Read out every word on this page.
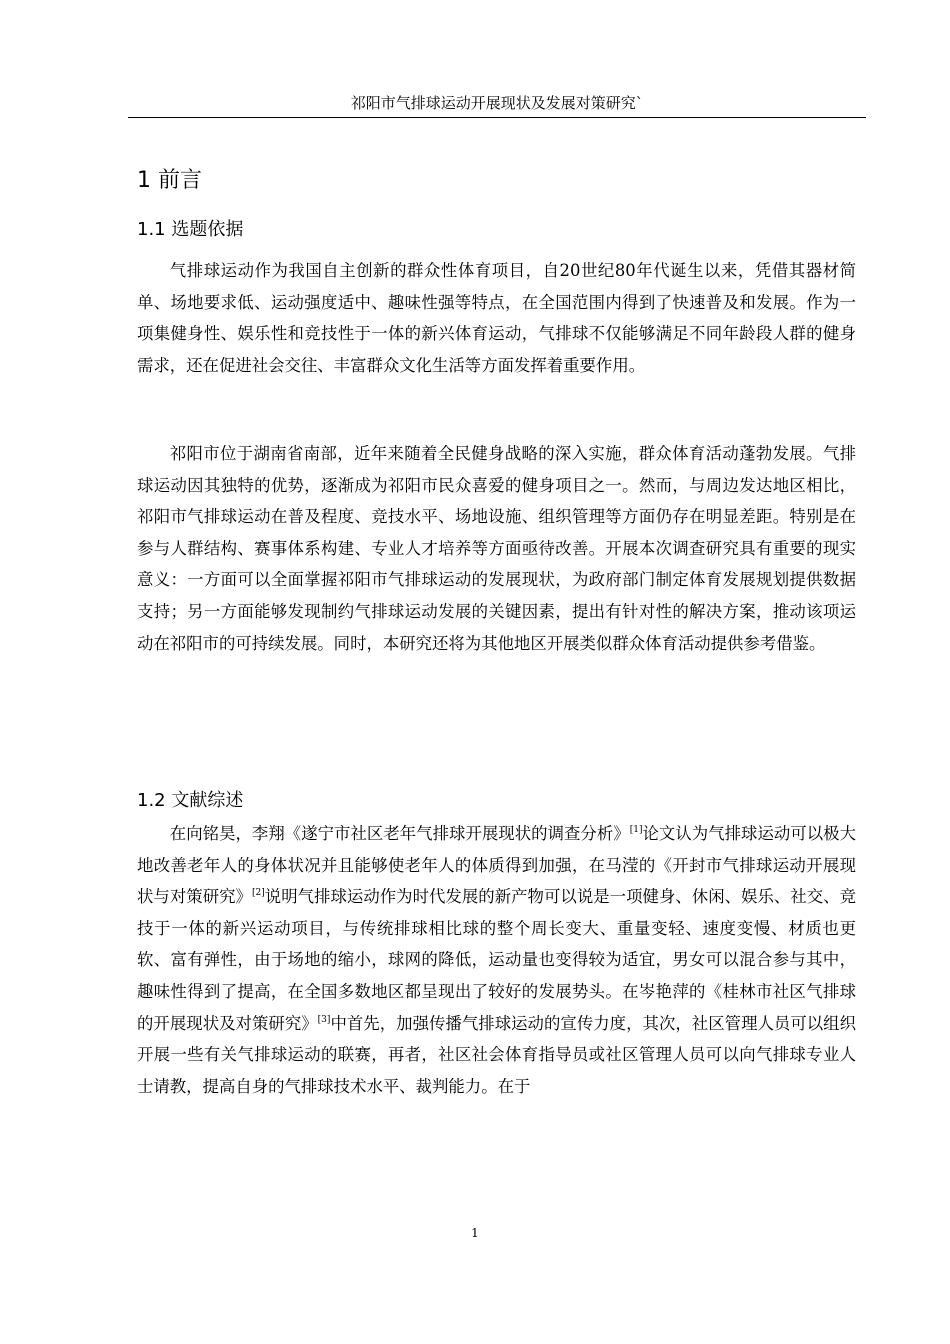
祁阳市气排球运动开展现状及发展对策研究`
1 前言
1.1 选题依据

气排球运动作为我国自主创新的群众性体育项目，自20世纪80年代诞生以来，凭借其器材简单、场地要求低、运动强度适中、趣味性强等特点，在全国范围内得到了快速普及和发展。作为一项集健身性、娱乐性和竞技性于一体的新兴体育运动，气排球不仅能够满足不同年龄段人群的健身需求，还在促进社会交往、丰富群众文化生活等方面发挥着重要作用。

祁阳市位于湖南省南部，近年来随着全民健身战略的深入实施，群众体育活动蓬勃发展。气排球运动因其独特的优势，逐渐成为祁阳市民众喜爱的健身项目之一。然而，与周边发达地区相比，祁阳市气排球运动在普及程度、竞技水平、场地设施、组织管理等方面仍存在明显差距。特别是在参与人群结构、赛事体系构建、专业人才培养等方面亟待改善。开展本次调查研究具有重要的现实意义：一方面可以全面掌握祁阳市气排球运动的发展现状，为政府部门制定体育发展规划提供数据支持；另一方面能够发现制约气排球运动发展的关键因素，提出有针对性的解决方案，推动该项运动在祁阳市的可持续发展。同时，本研究还将为其他地区开展类似群众体育活动提供参考借鉴。

1.2 文献综述

在向铭昊，李翔《遂宁市社区老年气排球开展现状的调查分析》[1]论文认为气排球运动可以极大地改善老年人的身体状况并且能够使老年人的体质得到加强，在马滢的《开封市气排球运动开展现状与对策研究》[2]说明气排球运动作为时代发展的新产物可以说是一项健身、休闲、娱乐、社交、竞技于一体的新兴运动项目，与传统排球相比球的整个周长变大、重量变轻、速度变慢、材质也更软、富有弹性，由于场地的缩小，球网的降低，运动量也变得较为适宜，男女可以混合参与其中，趣味性得到了提高，在全国多数地区都呈现出了较好的发展势头。在岑艳萍的《桂林市社区气排球的开展现状及对策研究》[3]中首先，加强传播气排球运动的宣传力度，其次，社区管理人员可以组织开展一些有关气排球运动的联赛，再者，社区社会体育指导员或社区管理人员可以向气排球专业人士请教，提高自身的气排球技术水平、裁判能力。在于

1
